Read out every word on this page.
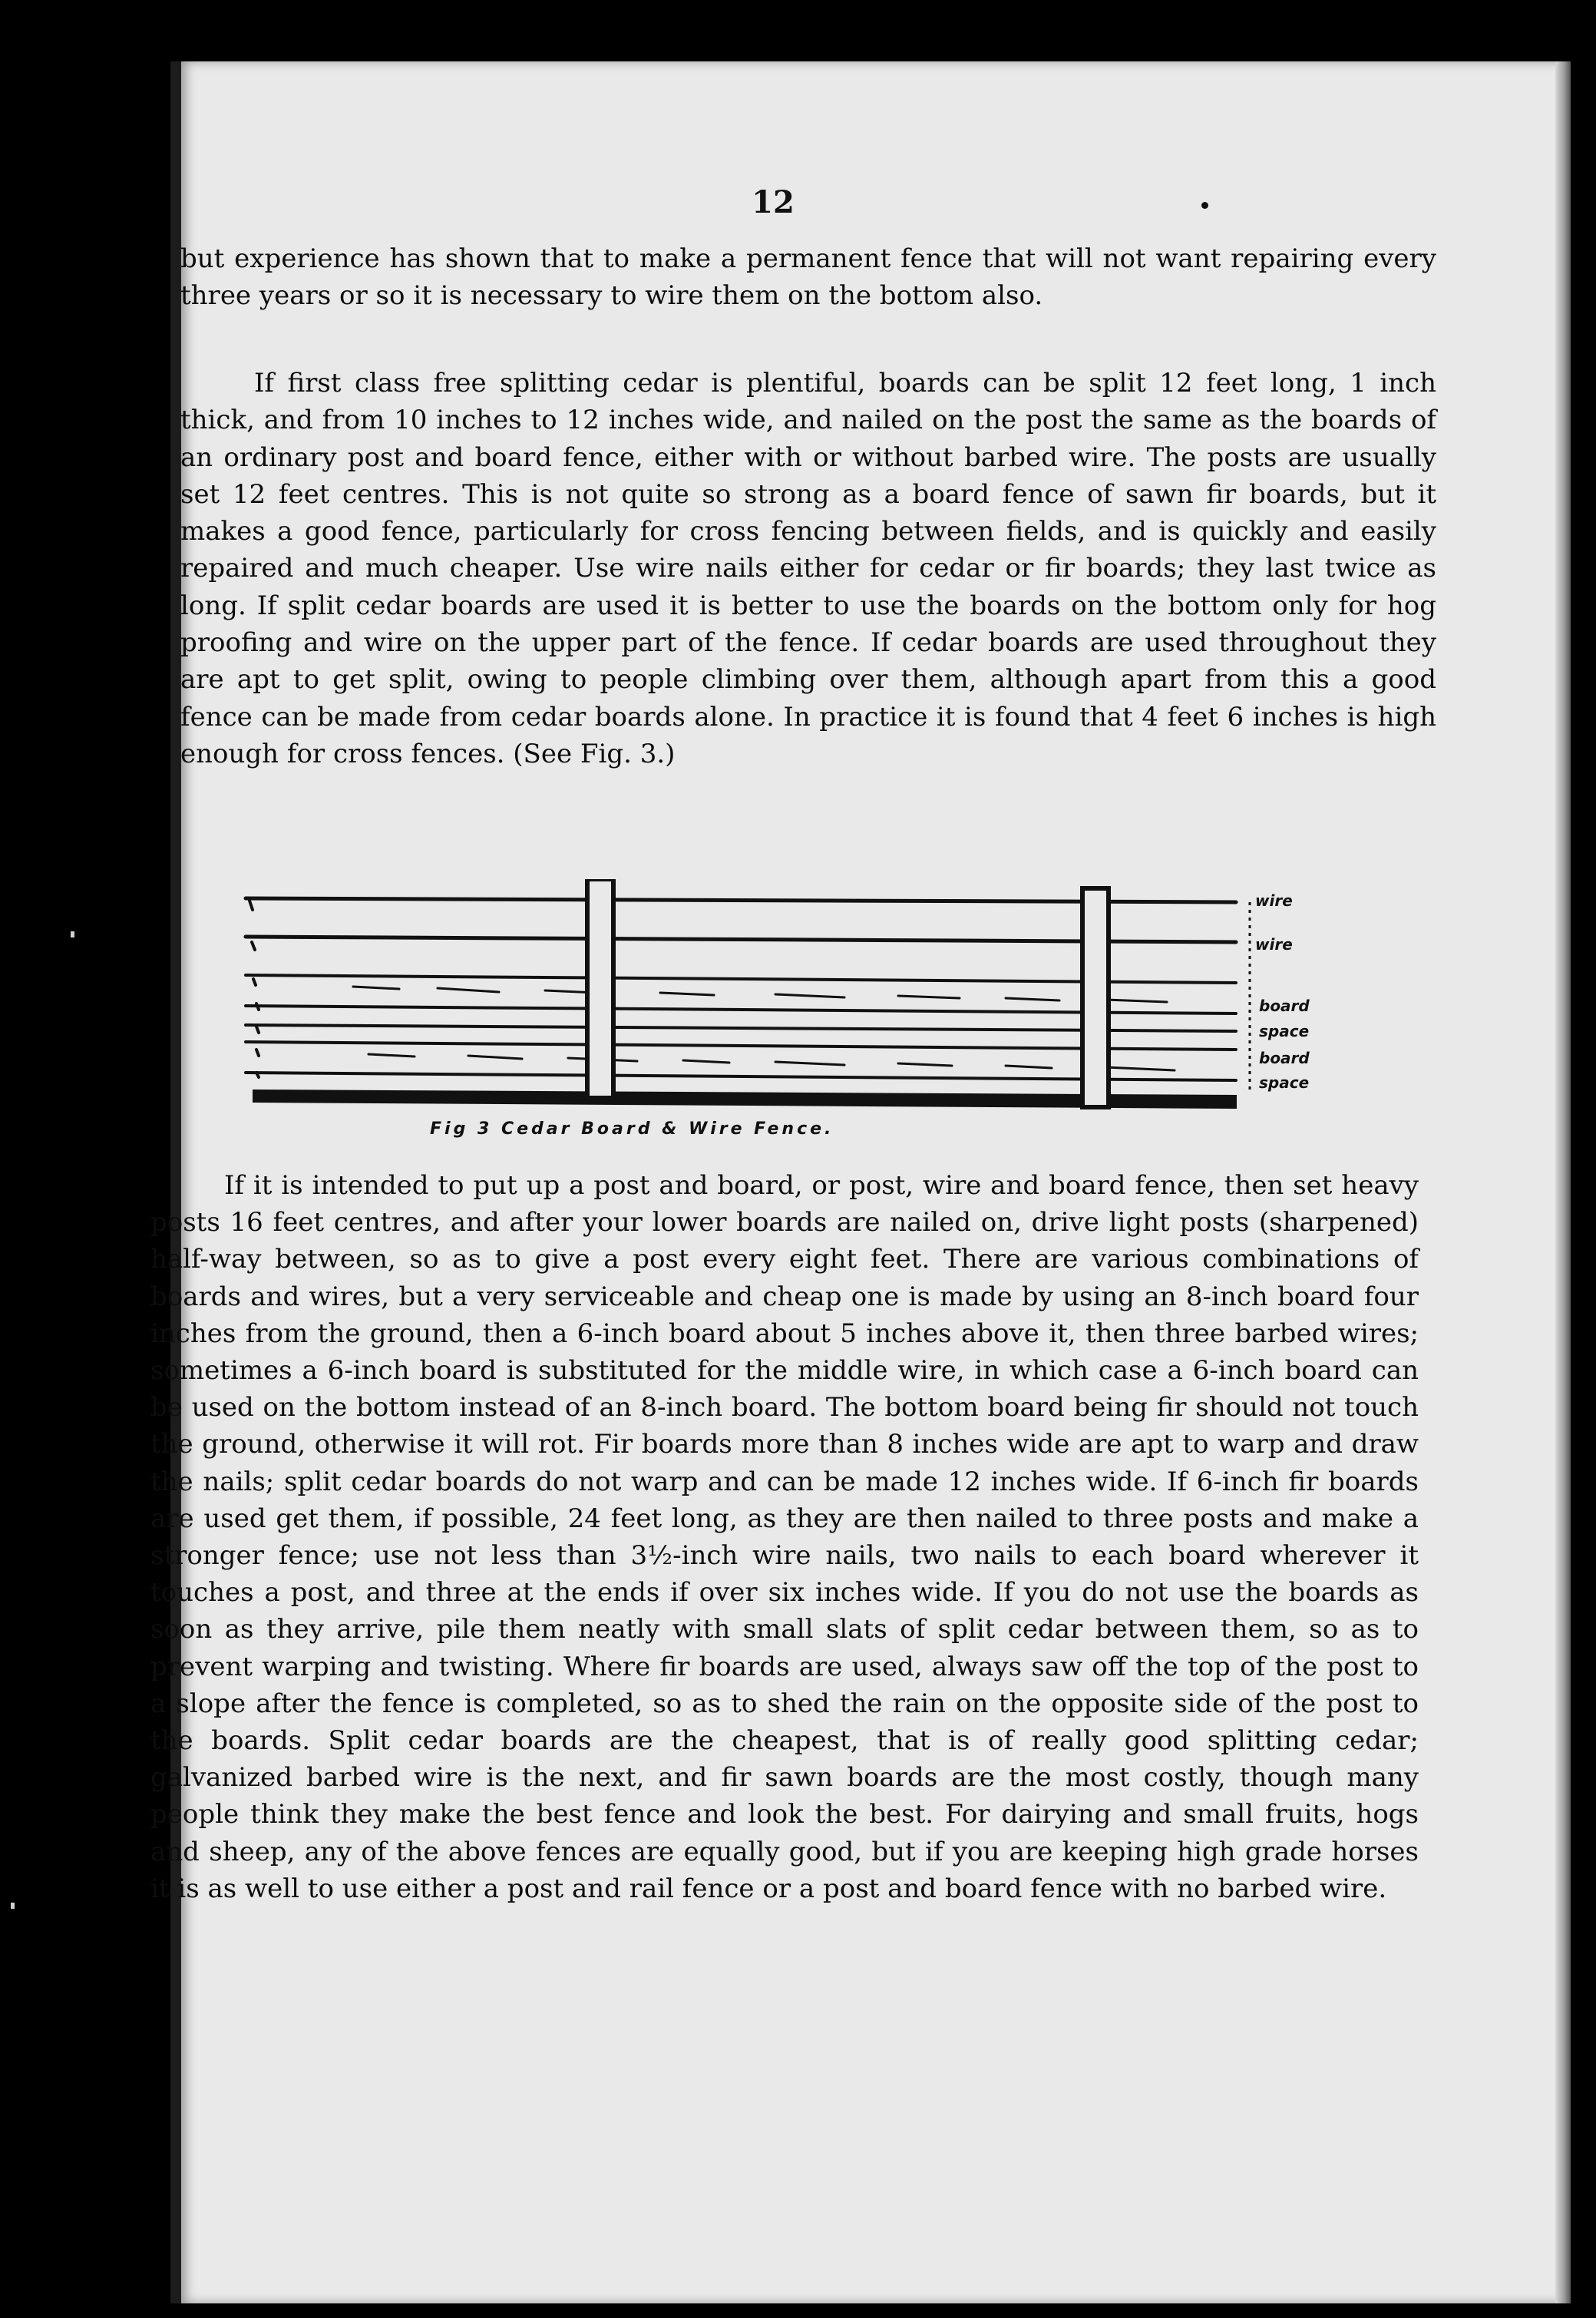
12

but experience has shown that to make a permanent fence that will not want repairing every three years or so it is necessary to wire them on the bottom also.

If first class free splitting cedar is plentiful, boards can be split 12 feet long, 1 inch thick, and from 10 inches to 12 inches wide, and nailed on the post the same as the boards of an ordinary post and board fence, either with or without barbed wire. The posts are usually set 12 feet centres. This is not quite so strong as a board fence of sawn fir boards, but it makes a good fence, particularly for cross fencing between fields, and is quickly and easily repaired and much cheaper. Use wire nails either for cedar or fir boards; they last twice as long. If split cedar boards are used it is better to use the boards on the bottom only for hog proofing and wire on the upper part of the fence. If cedar boards are used throughout they are apt to get split, owing to people climbing over them, although apart from this a good fence can be made from cedar boards alone. In practice it is found that 4 feet 6 inches is high enough for cross fences. (See Fig. 3.)

wire
wire
board
space
board
space
Fig 3 Cedar Board & Wire Fence.

If it is intended to put up a post and board, or post, wire and board fence, then set heavy posts 16 feet centres, and after your lower boards are nailed on, drive light posts (sharpened) half-way between, so as to give a post every eight feet. There are various combinations of boards and wires, but a very serviceable and cheap one is made by using an 8-inch board four inches from the ground, then a 6-inch board about 5 inches above it, then three barbed wires; sometimes a 6-inch board is substituted for the middle wire, in which case a 6-inch board can be used on the bottom instead of an 8-inch board. The bottom board being fir should not touch the ground, otherwise it will rot. Fir boards more than 8 inches wide are apt to warp and draw the nails; split cedar boards do not warp and can be made 12 inches wide. If 6-inch fir boards are used get them, if possible, 24 feet long, as they are then nailed to three posts and make a stronger fence; use not less than 3½-inch wire nails, two nails to each board wherever it touches a post, and three at the ends if over six inches wide. If you do not use the boards as soon as they arrive, pile them neatly with small slats of split cedar between them, so as to prevent warping and twisting. Where fir boards are used, always saw off the top of the post to a slope after the fence is completed, so as to shed the rain on the opposite side of the post to the boards. Split cedar boards are the cheapest, that is of really good splitting cedar; galvanized barbed wire is the next, and fir sawn boards are the most costly, though many people think they make the best fence and look the best. For dairying and small fruits, hogs and sheep, any of the above fences are equally good, but if you are keeping high grade horses it is as well to use either a post and rail fence or a post and board fence with no barbed wire.
